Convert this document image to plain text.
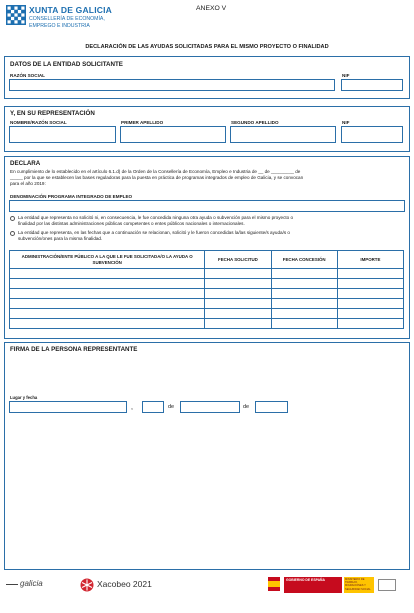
XUNTA DE GALICIA
CONSELLERÍA DE ECONOMÍA,
EMPREGO E INDUSTRIA
ANEXO V
DECLARACIÓN DE LAS AYUDAS SOLICITADAS PARA EL MISMO PROYECTO O FINALIDAD
DATOS DE LA ENTIDAD SOLICITANTE
RAZÓN SOCIAL	NIF
Y, EN SU REPRESENTACIÓN
NOMBRE/RAZÓN SOCIAL	PRIMER APELLIDO	SEGUNDO APELLIDO	NIF
DECLARA
En cumplimiento de lo establecido en el artículo 6.1.d) de la Orden de la Consellería de Economía, Empleo e Industria de __ de _________ de
_____ por la que se establecen las bases reguladoras para la puesta en práctica de programas integrados de empleo de Galicia, y se convocan
para el año 2019:
DENOMINACIÓN PROGRAMA INTEGRADO DE EMPLEO
La entidad que representa no solicitó ni, en consecuencia, le fue concedida ninguna otra ayuda o subvención para el mismo proyecto o
finalidad por las distintas administraciones públicas competentes o entes públicos nacionales o internacionales.
La entidad que representa, en las fechas que a continuación se relacionan, solicitó y le fueron concedidas la/las siguiente/s ayuda/s o
subvención/ones para la misma finalidad.
ADMINISTRACIÓN/ENTE PÚBLICO A LA QUE LE FUE SOLICITADA/O LA AYUDA O SUBVENCIÓN	FECHA SOLICITUD	FECHA CONCESIÓN	IMPORTE

FIRMA DE LA PERSONA REPRESENTANTE
Lugar y fecha
,	de	de
galicia	Xacobeo 2021	GOBIERNO DE ESPAÑA	MINISTERIO DE TRABAJO, MIGRACIONES Y SEGURIDAD SOCIAL
